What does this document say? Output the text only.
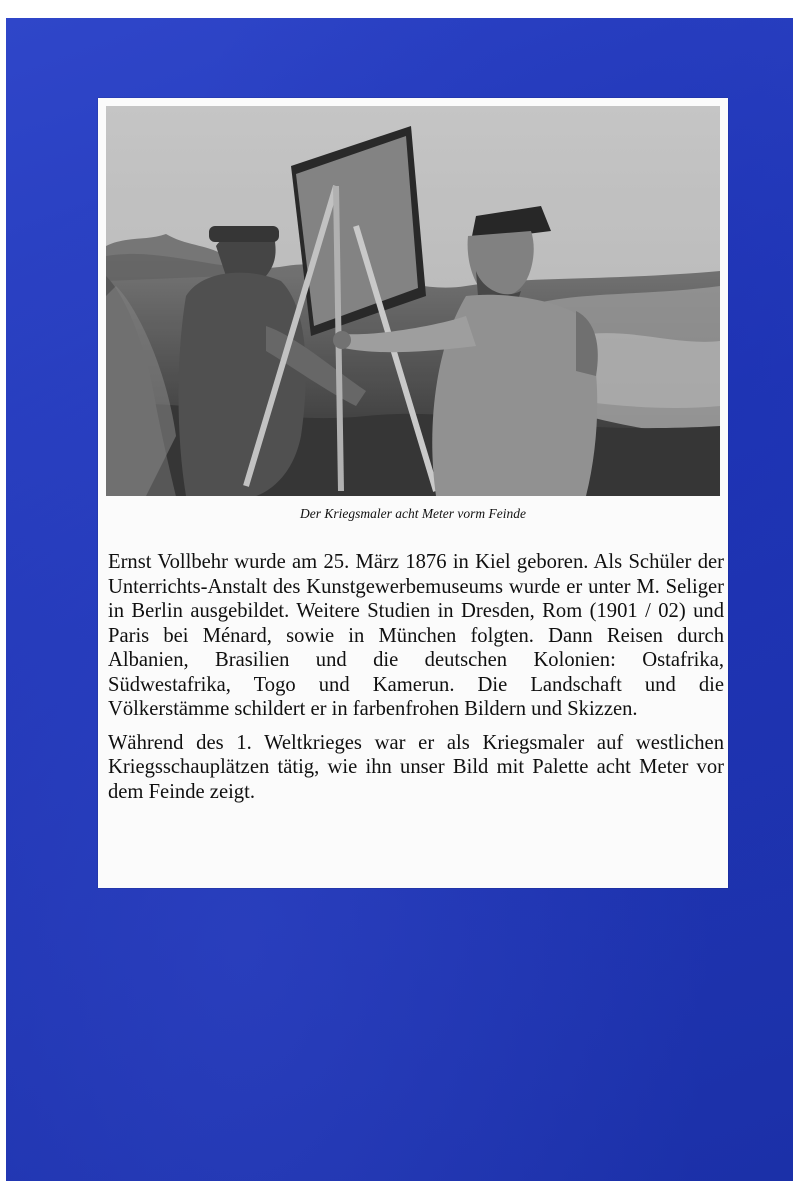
Der Kriegsmaler acht Meter vorm Feinde

Ernst Vollbehr wurde am 25. März 1876 in Kiel geboren. Als Schüler der Unterrichts-Anstalt des Kunstgewerbemuseums wurde er unter M. Seliger in Berlin ausgebildet. Weitere Studien in Dresden, Rom (1901 / 02) und Paris bei Ménard, sowie in München folgten. Dann Reisen durch Albanien, Brasilien und die deutschen Kolonien: Ostafrika, Südwestafrika, Togo und Kamerun. Die Landschaft und die Völkerstämme schildert er in farbenfrohen Bildern und Skizzen.

Während des 1. Weltkrieges war er als Kriegsmaler auf westlichen Kriegsschauplätzen tätig, wie ihn unser Bild mit Palette acht Meter vor dem Feinde zeigt.
